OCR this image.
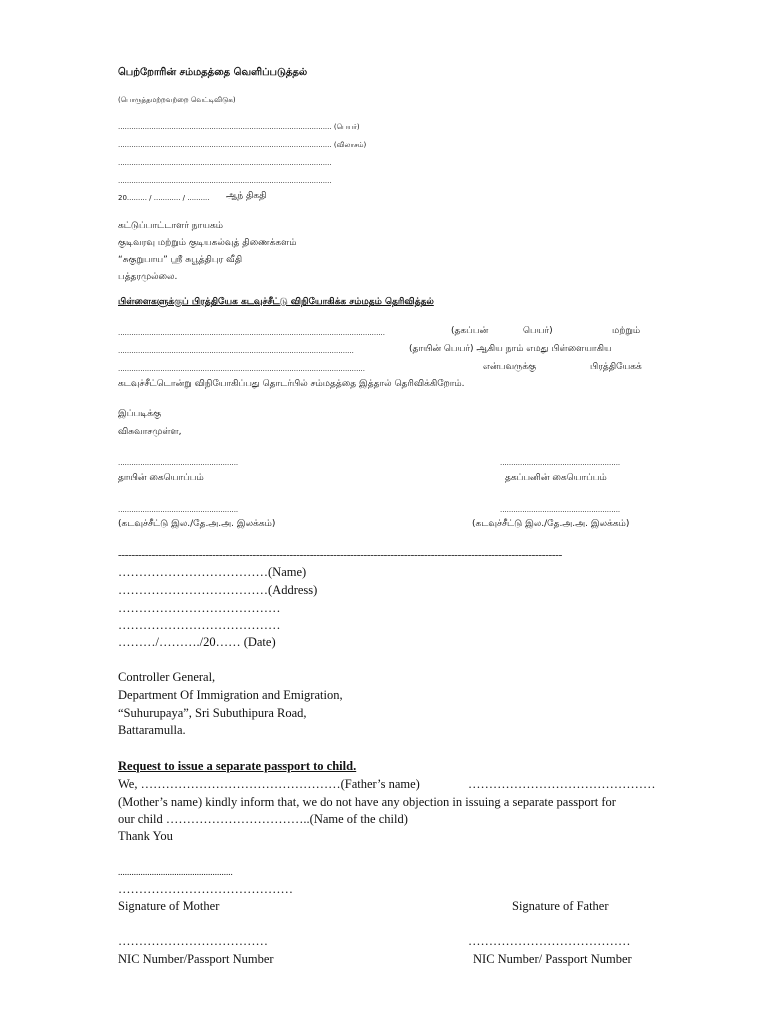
பெற்றோரின் சம்மதத்தை வெளிப்படுத்தல்
(பொருத்தமற்றவற்றை வெட்டிவிடுக)
................................................................................................ (பெயர்)
................................................................................................ (விலாசம்)
................................................................................................
................................................................................................
20......... / ............ / .......... ஆந் திகதி
கட்டுப்பாட்டாளர் நாயகம்
குடிவரவு மற்றும் குடியகல்வுத் திணைக்களம்
“சுகுறுபாய” ஸ்ரீ சுபூத்திபுர வீதி
பத்தரமுல்லை.
பிள்ளைகளுக்குப் பிரத்தியேக கடவுச்சீட்டு விநியோகிக்க சம்மதம் தெரிவித்தல்
........................................................................................................................	(தகப்பன்	பெயர்)	மற்றும்
..........................................................................................................	(தாயின் பெயர்) ஆகிய நாம் எமது பிள்ளையாகிய
...............................................................................................................	என்பவருக்கு	பிரத்தியேகக்
கடவுச்சீட்டொன்று விநியோகிப்பது தொடர்பில் சம்மதத்தை இத்தால் தெரிவிக்கிறோம்.
இப்படிக்கு
விசுவாசமுள்ள,
......................................................	......................................................
தாயின் கையொப்பம்	தகப்பனின் கையொப்பம்
......................................................	......................................................
(கடவுச்சீட்டு இல./தே.அ.அ. இலக்கம்)	(கடவுச்சீட்டு இல./தே.அ.அ. இலக்கம்)
------------------------------------------------------------------------------------------------------------------------------------
………………………………(Name)
………………………………(Address)
…………………………………
…………………………………
………/………./20…… (Date)
Controller General,
Department Of Immigration and Emigration,
“Suhurupaya”, Sri Subuthipura Road,
Battaramulla.
Request to issue a separate passport to child.
We, …………………………………………(Father’s name)	………………………………………
(Mother’s name) kindly inform that, we do not have any objection in issuing a separate passport for
our child ……………………………..(Name of the child)
Thank You
...................................................
……………………………………
Signature of Mother	Signature of Father
………………………………	…………………………………
NIC Number/Passport Number	NIC Number/ Passport Number
